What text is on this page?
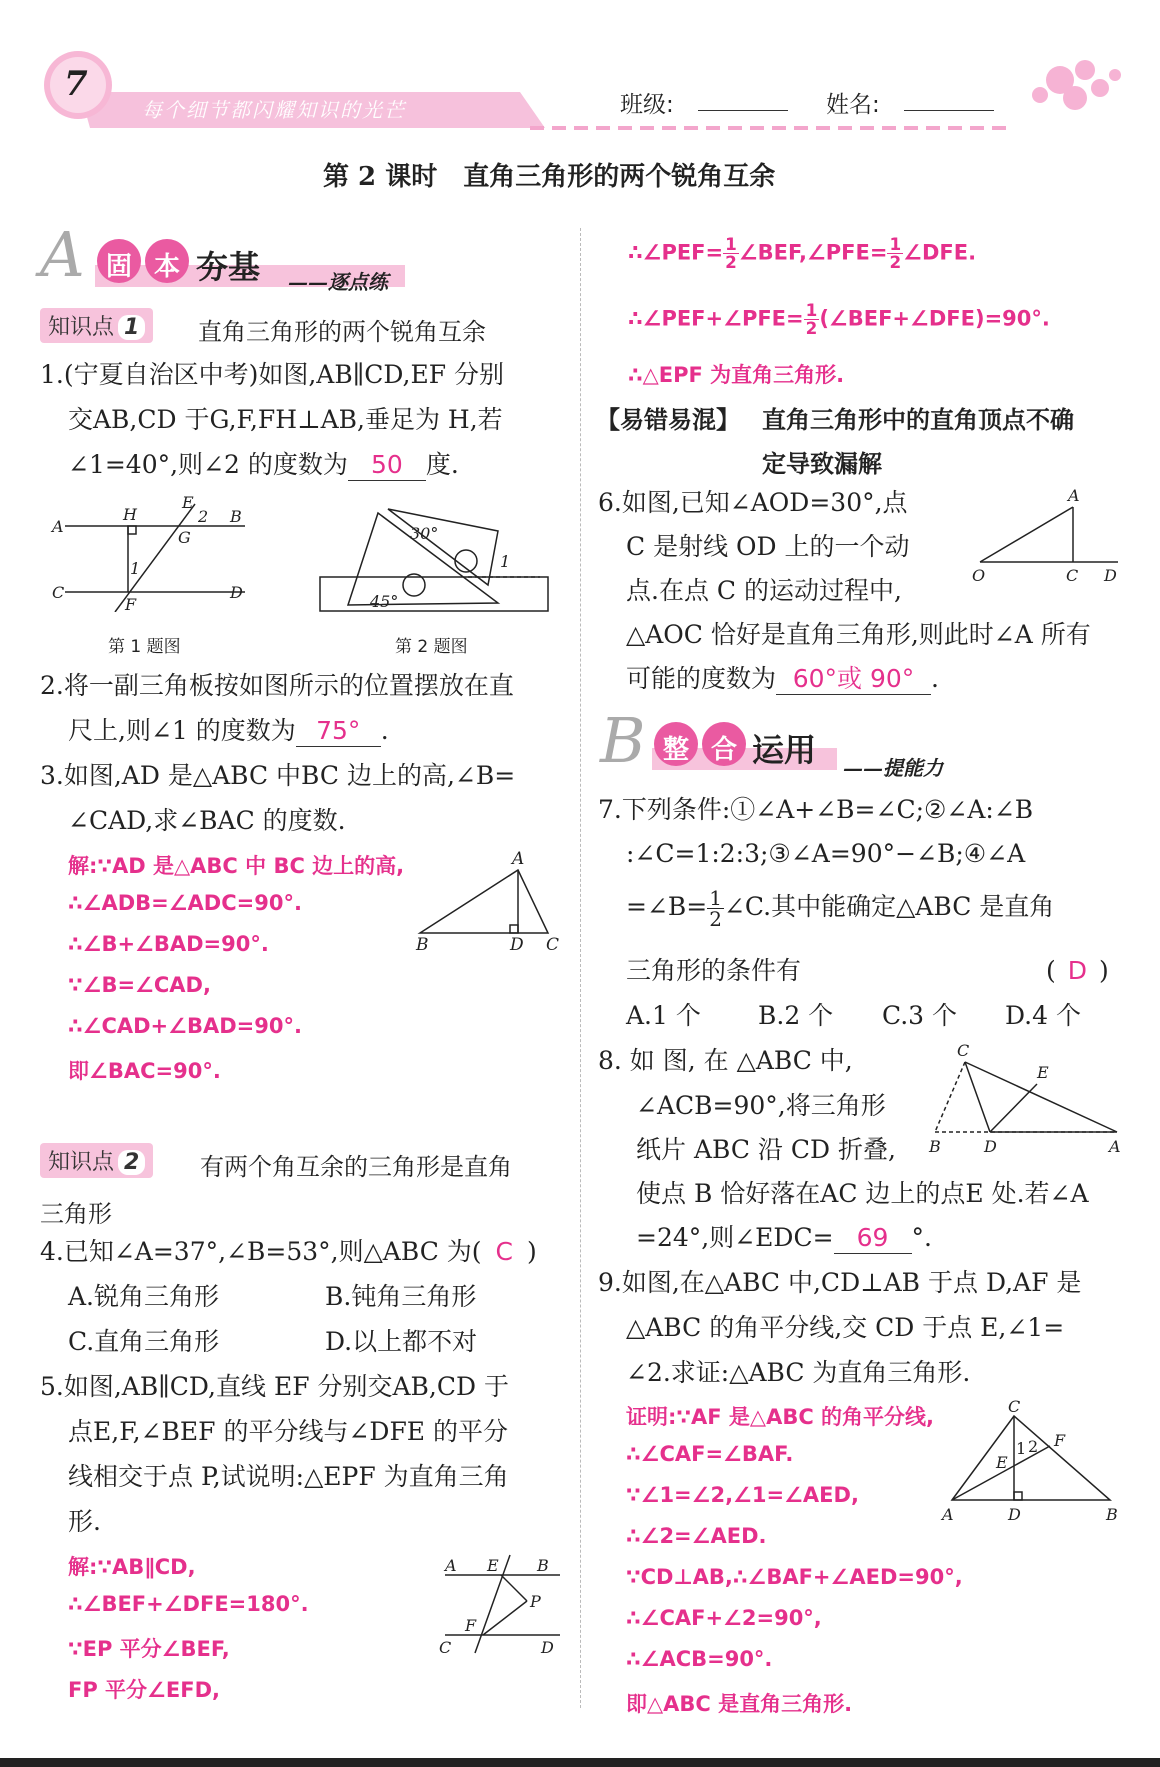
7
每个细节都闪耀知识的光芒	班级:	姓名:
第 2 课时　直角三角形的两个锐角互余
A 固 本 夯基 ——逐点练
知识点 1	直角三角形的两个锐角互余
1.(宁夏自治区中考)如图,AB∥CD,EF 分别
交AB,CD 于G,F,FH⊥AB,垂足为 H,若
∠1=40°,则∠2 的度数为 50 度.
A
H
E
2 B
G
1
C
F
D
第 1 题图
30°
45°
1
第 2 题图
2.将一副三角板按如图所示的位置摆放在直
尺上,则∠1 的度数为 75° .
3.如图,AD 是△ABC 中BC 边上的高,∠B=
∠CAD,求∠BAC 的度数.
解:∵AD 是△ABC 中 BC 边上的高,
∴∠ADB=∠ADC=90°.
∴∠B+∠BAD=90°.
∵∠B=∠CAD,
∴∠CAD+∠BAD=90°.
即∠BAC=90°.
A
B	D C
知识点 2	有两个角互余的三角形是直角
三角形
4.已知∠A=37°,∠B=53°,则△ABC 为( C )
A.锐角三角形	B.钝角三角形
C.直角三角形	D.以上都不对
5.如图,AB∥CD,直线 EF 分别交AB,CD 于
点E,F,∠BEF 的平分线与∠DFE 的平分
线相交于点 P,试说明:△EPF 为直角三角
形.
解:∵AB∥CD,
∴∠BEF+∠DFE=180°.
∵EP 平分∠BEF,
FP 平分∠EFD,
A E B
P
F
C	D
∴∠PEF= $\frac{1}{2}$ ∠BEF,∠PFE= $\frac{1}{2}$ ∠DFE.
∴∠PEF+∠PFE= $\frac{1}{2}$ (∠BEF+∠DFE)=90°.
∴△EPF 为直角三角形.
【易错易混】 直角三角形中的直角顶点不确
定导致漏解
6.如图,已知∠AOD=30°,点
C 是射线 OD 上的一个动
点.在点 C 的运动过程中,
△AOC 恰好是直角三角形,则此时∠A 所有
可能的度数为 60°或 90° .
A
O	C D
B 整 合 运用 ——提能力
7.下列条件:①∠A+∠B=∠C;②∠A:∠B
:∠C=1:2:3;③∠A=90°−∠B;④∠A
=∠B= $\frac{1}{2}$ ∠C.其中能确定△ABC 是直角
三角形的条件有	( D )
A.1 个 B.2 个 C.3 个 D.4 个
8. 如 图, 在 △ABC 中,
∠ACB=90°,将三角形
纸片 ABC 沿 CD 折叠,
使点 B 恰好落在AC 边上的点E 处.若∠A
=24°,则∠EDC= 69 °.
C
E
B	D	A
9.如图,在△ABC 中,CD⊥AB 于点 D,AF 是
△ABC 的角平分线,交 CD 于点 E,∠1=
∠2.求证:△ABC 为直角三角形.
证明:∵AF 是△ABC 的角平分线,
∴∠CAF=∠BAF.
∵∠1=∠2,∠1=∠AED,
∴∠2=∠AED.
∵CD⊥AB,∴∠BAF+∠AED=90°,
∴∠CAF+∠2=90°,
∴∠ACB=90°.
即△ABC 是直角三角形.
C
F
E
1 2
A	D	B
